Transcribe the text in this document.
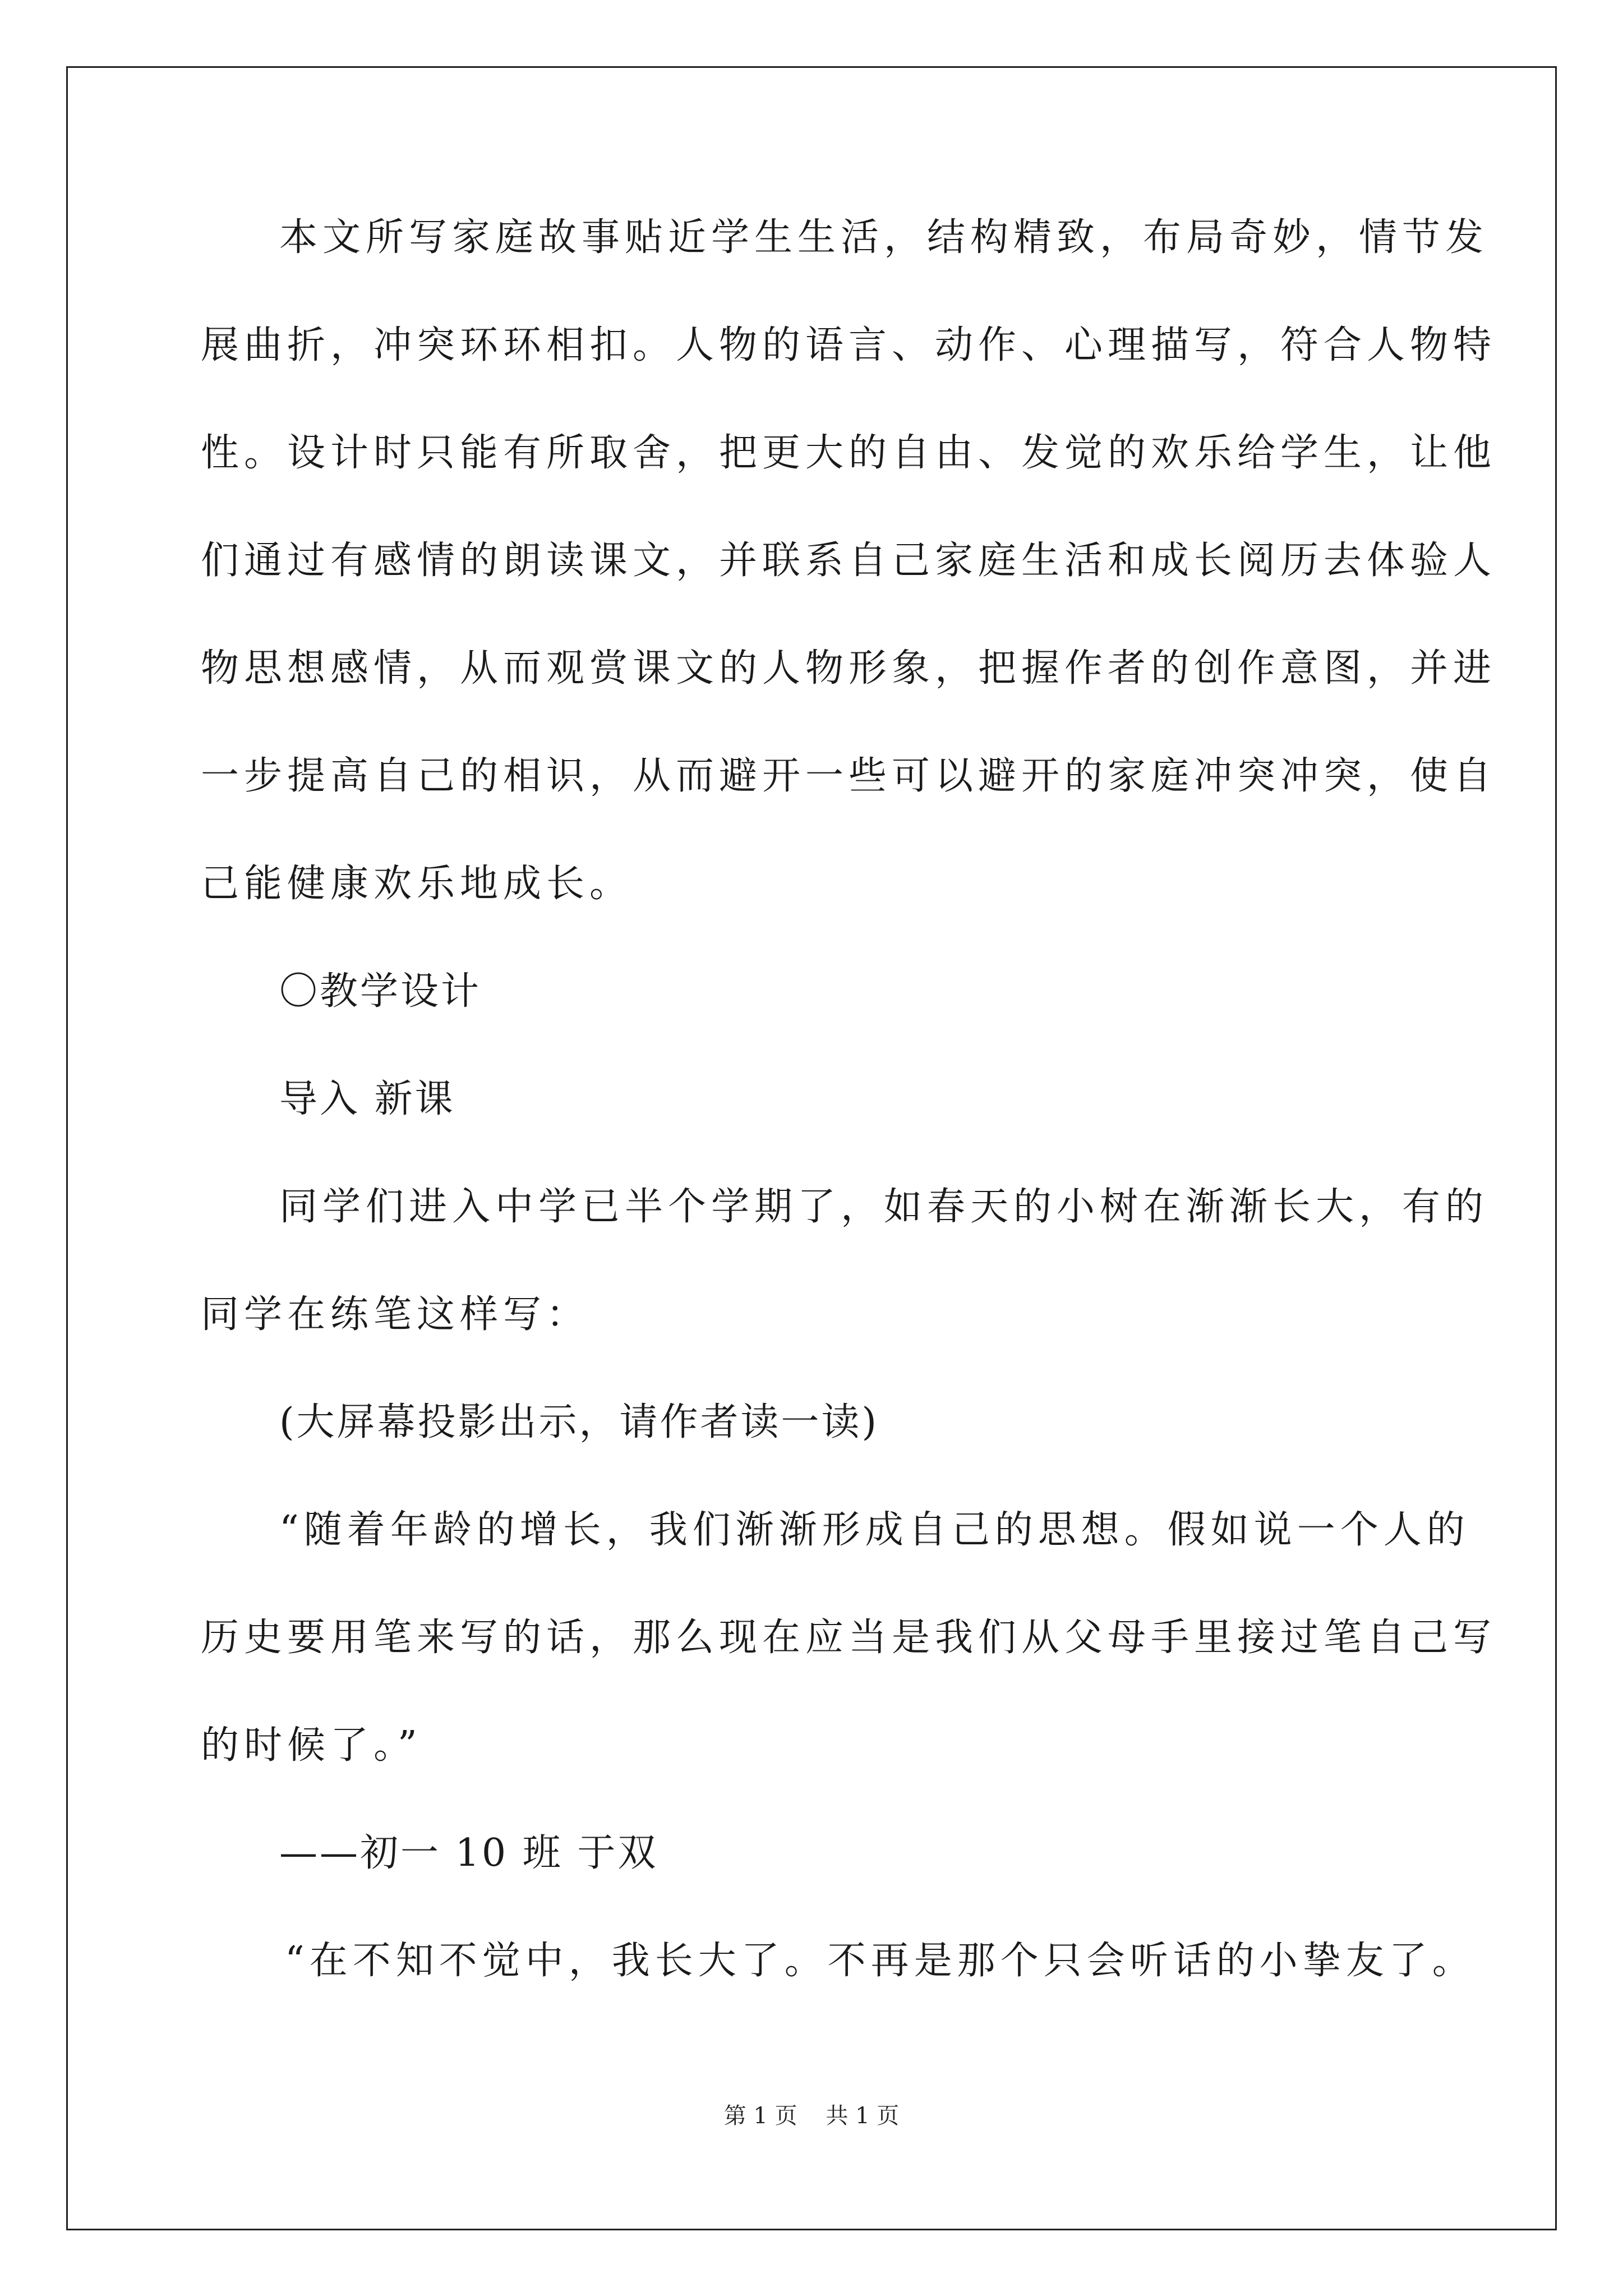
本文所写家庭故事贴近学生生活，结构精致，布局奇妙，情节发
展曲折，冲突环环相扣。人物的语言、动作、心理描写，符合人物特
性。设计时只能有所取舍，把更大的自由、发觉的欢乐给学生，让他
们通过有感情的朗读课文，并联系自己家庭生活和成长阅历去体验人
物思想感情，从而观赏课文的人物形象，把握作者的创作意图，并进
一步提高自己的相识，从而避开一些可以避开的家庭冲突冲突，使自
己能健康欢乐地成长。
〇教学设计
导入 新课
同学们进入中学已半个学期了，如春天的小树在渐渐长大，有的
同学在练笔这样写：
(大屏幕投影出示，请作者读一读)
“随着年龄的增长，我们渐渐形成自己的思想。假如说一个人的
历史要用笔来写的话，那么现在应当是我们从父母手里接过笔自己写
的时候了。”
——初一 10 班 于双
“在不知不觉中，我长大了。不再是那个只会听话的小挚友了。
第 1 页    共 1 页
